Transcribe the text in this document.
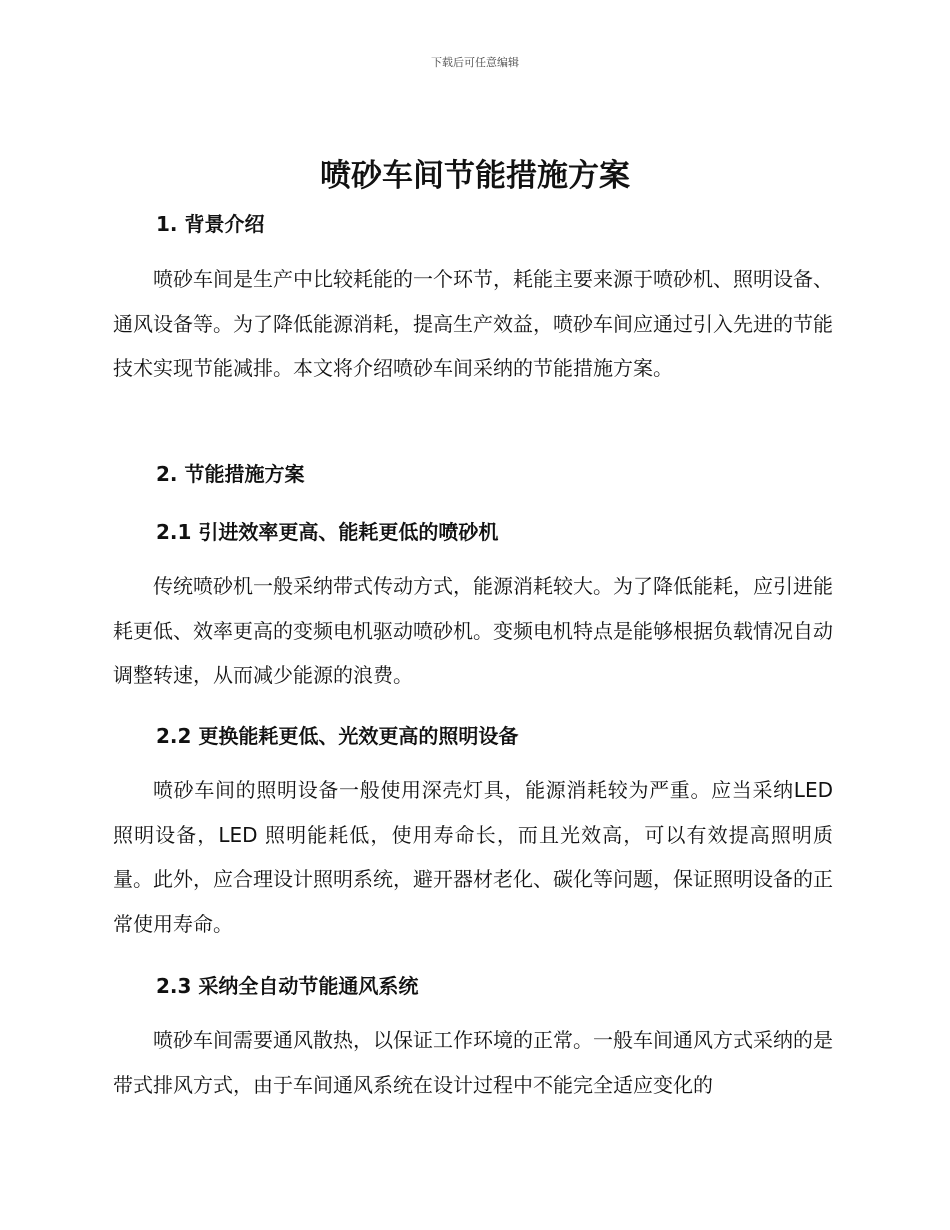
下载后可任意编辑
喷砂车间节能措施方案
1. 背景介绍

喷砂车间是生产中比较耗能的一个环节，耗能主要来源于喷砂机、照明设备、通风设备等。为了降低能源消耗，提高生产效益，喷砂车间应通过引入先进的节能技术实现节能减排。本文将介绍喷砂车间采纳的节能措施方案。

2. 节能措施方案
2.1 引进效率更高、能耗更低的喷砂机

传统喷砂机一般采纳带式传动方式，能源消耗较大。为了降低能耗，应引进能耗更低、效率更高的变频电机驱动喷砂机。变频电机特点是能够根据负载情况自动调整转速，从而减少能源的浪费。

2.2 更换能耗更低、光效更高的照明设备

喷砂车间的照明设备一般使用深壳灯具，能源消耗较为严重。应当采纳LED 照明设备，LED 照明能耗低，使用寿命长，而且光效高，可以有效提高照明质量。此外，应合理设计照明系统，避开器材老化、碳化等问题，保证照明设备的正常使用寿命。

2.3 采纳全自动节能通风系统

喷砂车间需要通风散热，以保证工作环境的正常。一般车间通风方式采纳的是带式排风方式，由于车间通风系统在设计过程中不能完全适应变化的
